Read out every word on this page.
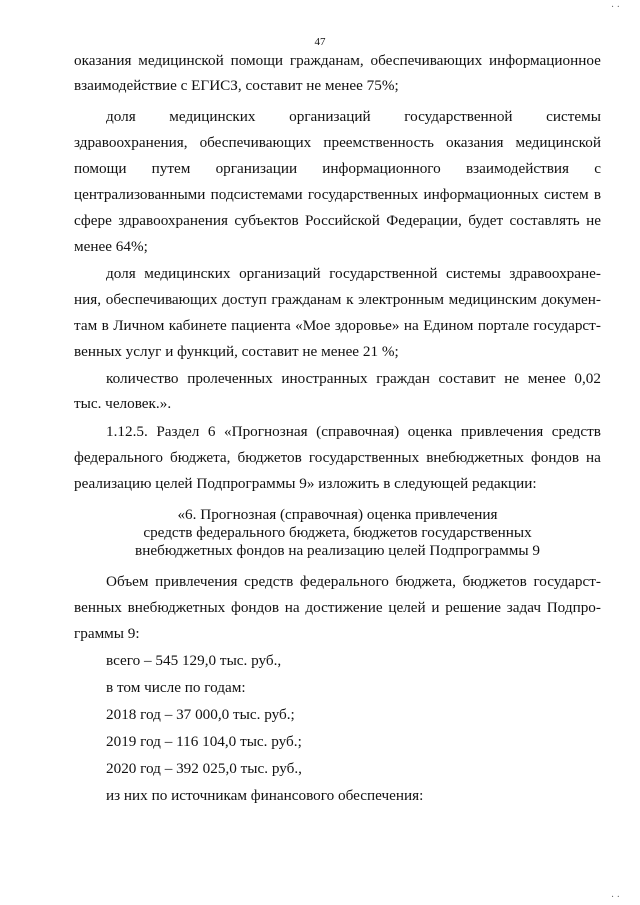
47
оказания медицинской помощи гражданам, обеспечивающих информационное
взаимодействие с ЕГИСЗ, составит не менее 75%;
доля медицинских организаций государственной системы
здравоохранения, обеспечивающих преемственность оказания медицинской
помощи путем организации информационного взаимодействия с
централизованными подсистемами государственных информационных систем в
сфере здравоохранения субъектов Российской Федерации, будет составлять не
менее 64%;
доля медицинских организаций государственной системы здравоохране-
ния, обеспечивающих доступ гражданам к электронным медицинским докумен-
там в Личном кабинете пациента «Мое здоровье» на Едином портале государст-
венных услуг и функций, составит не менее 21 %;
количество пролеченных иностранных граждан составит не менее 0,02
тыс. человек.».
1.12.5. Раздел 6 «Прогнозная (справочная) оценка привлечения средств
федерального бюджета, бюджетов государственных внебюджетных фондов на
реализацию целей Подпрограммы 9» изложить в следующей редакции:
«6. Прогнозная (справочная) оценка привлечения
средств федерального бюджета, бюджетов государственных
внебюджетных фондов на реализацию целей Подпрограммы 9
Объем привлечения средств федерального бюджета, бюджетов государст-
венных внебюджетных фондов на достижение целей и решение задач Подпро-
граммы 9:
всего – 545 129,0 тыс. руб.,
в том числе по годам:
2018 год – 37 000,0 тыс. руб.;
2019 год – 116 104,0 тыс. руб.;
2020 год – 392 025,0 тыс. руб.,
из них по источникам финансового обеспечения:
· ·
· ·
